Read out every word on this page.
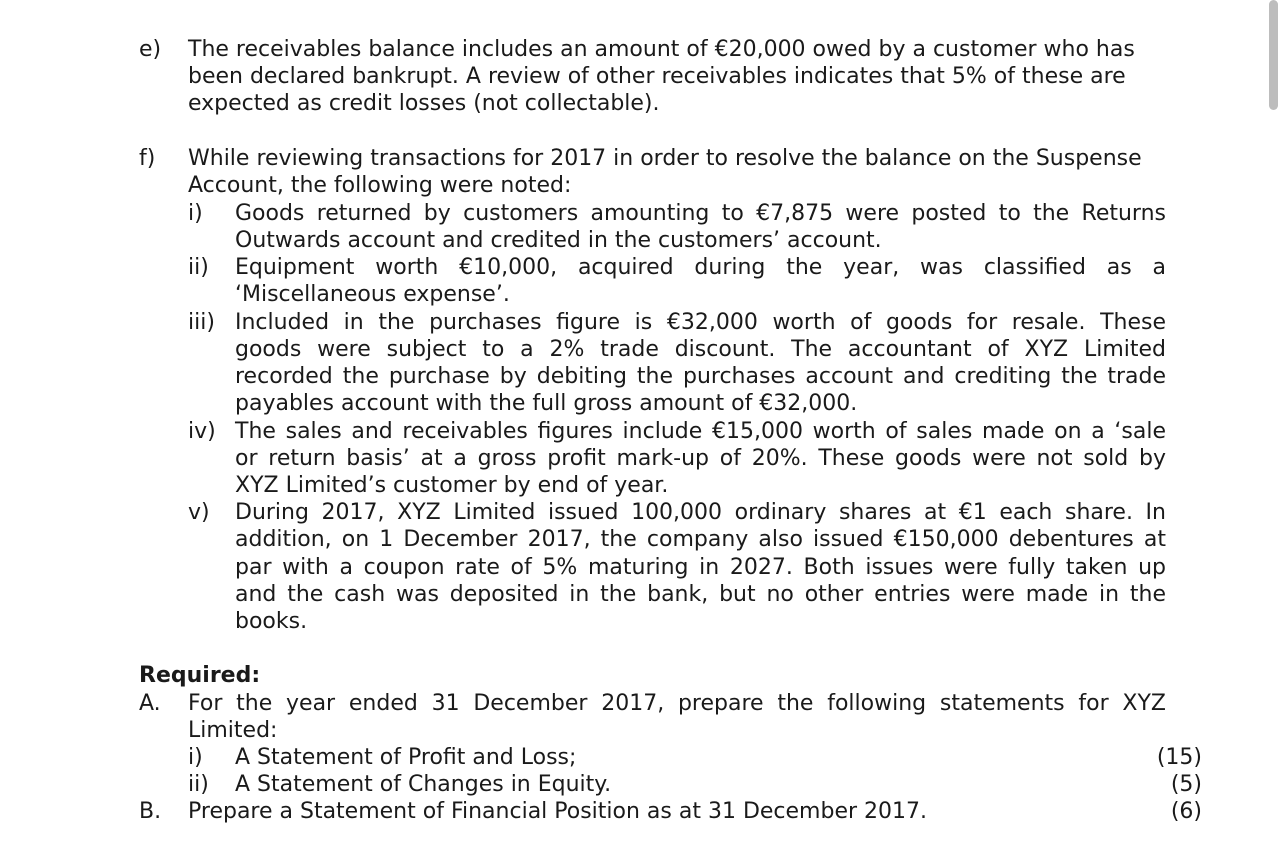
e) The receivables balance includes an amount of €20,000 owed by a customer who has
been declared bankrupt. A review of other receivables indicates that 5% of these are
expected as credit losses (not collectable).
f) While reviewing transactions for 2017 in order to resolve the balance on the Suspense
Account, the following were noted:
i) Goods returned by customers amounting to €7,875 were posted to the Returns
Outwards account and credited in the customers’ account.
ii) Equipment worth €10,000, acquired during the year, was classified as a
‘Miscellaneous expense’.
iii) Included in the purchases figure is €32,000 worth of goods for resale. These
goods were subject to a 2% trade discount. The accountant of XYZ Limited
recorded the purchase by debiting the purchases account and crediting the trade
payables account with the full gross amount of €32,000.
iv) The sales and receivables figures include €15,000 worth of sales made on a ‘sale
or return basis’ at a gross profit mark-up of 20%. These goods were not sold by
XYZ Limited’s customer by end of year.
v) During 2017, XYZ Limited issued 100,000 ordinary shares at €1 each share. In
addition, on 1 December 2017, the company also issued €150,000 debentures at
par with a coupon rate of 5% maturing in 2027. Both issues were fully taken up
and the cash was deposited in the bank, but no other entries were made in the
books.
Required:
A. For the year ended 31 December 2017, prepare the following statements for XYZ
Limited:
i) A Statement of Profit and Loss;	(15)
ii) A Statement of Changes in Equity.	(5)
B. Prepare a Statement of Financial Position as at 31 December 2017.	(6)
